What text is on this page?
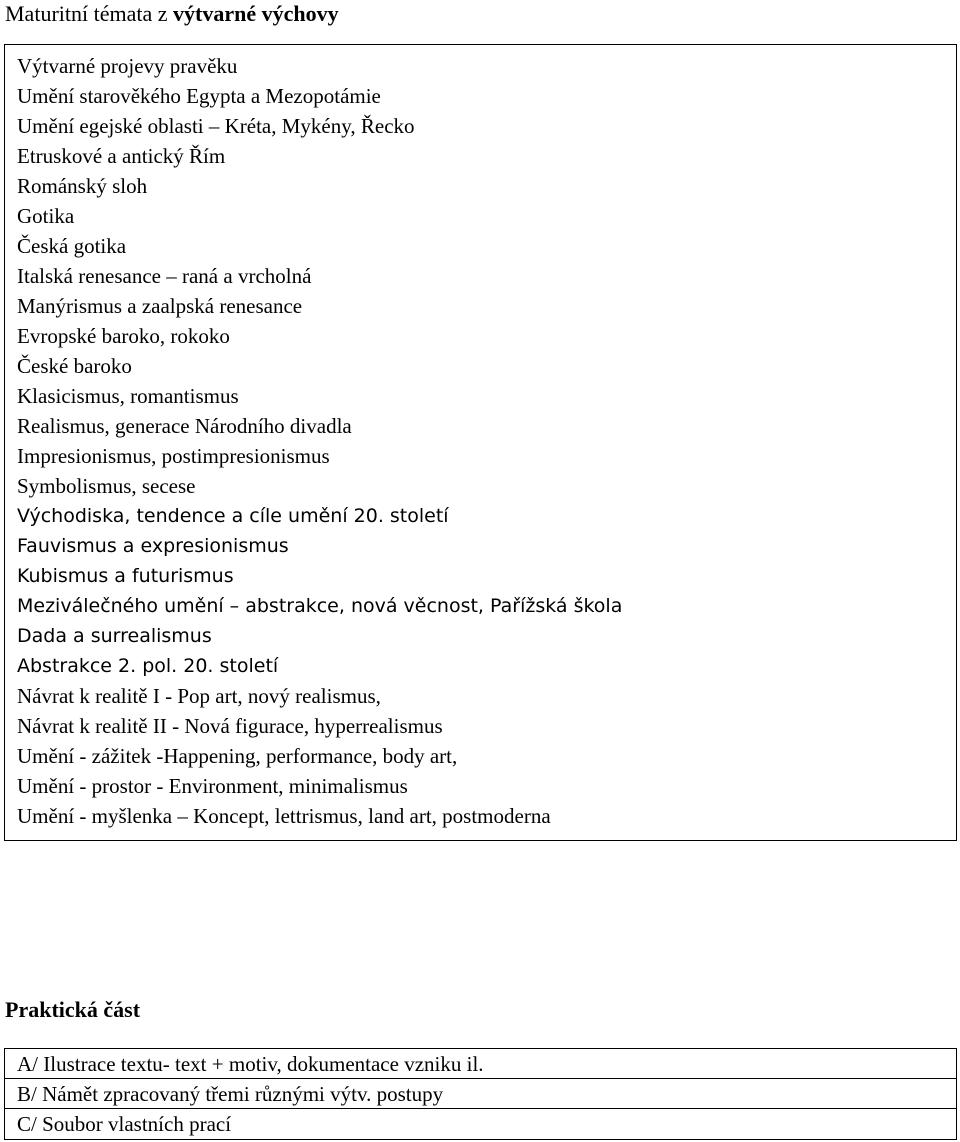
Maturitní témata z výtvarné výchovy
Výtvarné projevy pravěku
Umění starověkého Egypta a Mezopotámie
Umění egejské oblasti – Kréta, Mykény, Řecko
Etruskové a antický Řím
Románský sloh
Gotika
Česká gotika
Italská renesance – raná a vrcholná
Manýrismus a zaalpská renesance
Evropské baroko, rokoko
České baroko
Klasicismus, romantismus
Realismus, generace Národního divadla
Impresionismus, postimpresionismus
Symbolismus, secese
Východiska, tendence a cíle umění 20. století
Fauvismus a expresionismus
Kubismus a futurismus
Meziválečného umění – abstrakce, nová věcnost, Pařížská škola
Dada a surrealismus
Abstrakce 2. pol. 20. století
Návrat k realitě I - Pop art, nový realismus,
Návrat k realitě II - Nová figurace, hyperrealismus
Umění - zážitek -Happening, performance, body art,
Umění - prostor - Environment, minimalismus
Umění - myšlenka – Koncept, lettrismus, land art, postmoderna
Praktická část
A/ Ilustrace textu- text + motiv, dokumentace vzniku il.
B/ Námět zpracovaný třemi různými výtv. postupy
C/ Soubor vlastních prací
